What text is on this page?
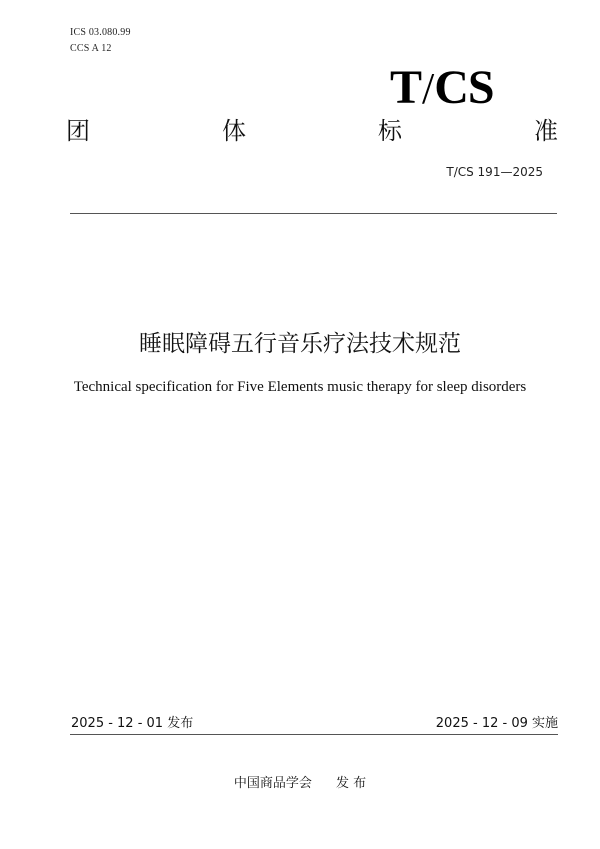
ICS 03.080.99
CCS A 12
T/CS
团	体	标	准
T/CS 191—2025
睡眠障碍五行音乐疗法技术规范
Technical specification for Five Elements music therapy for sleep disorders
2025 - 12 - 01 发布	2025 - 12 - 09 实施
中国商品学会 发 布
